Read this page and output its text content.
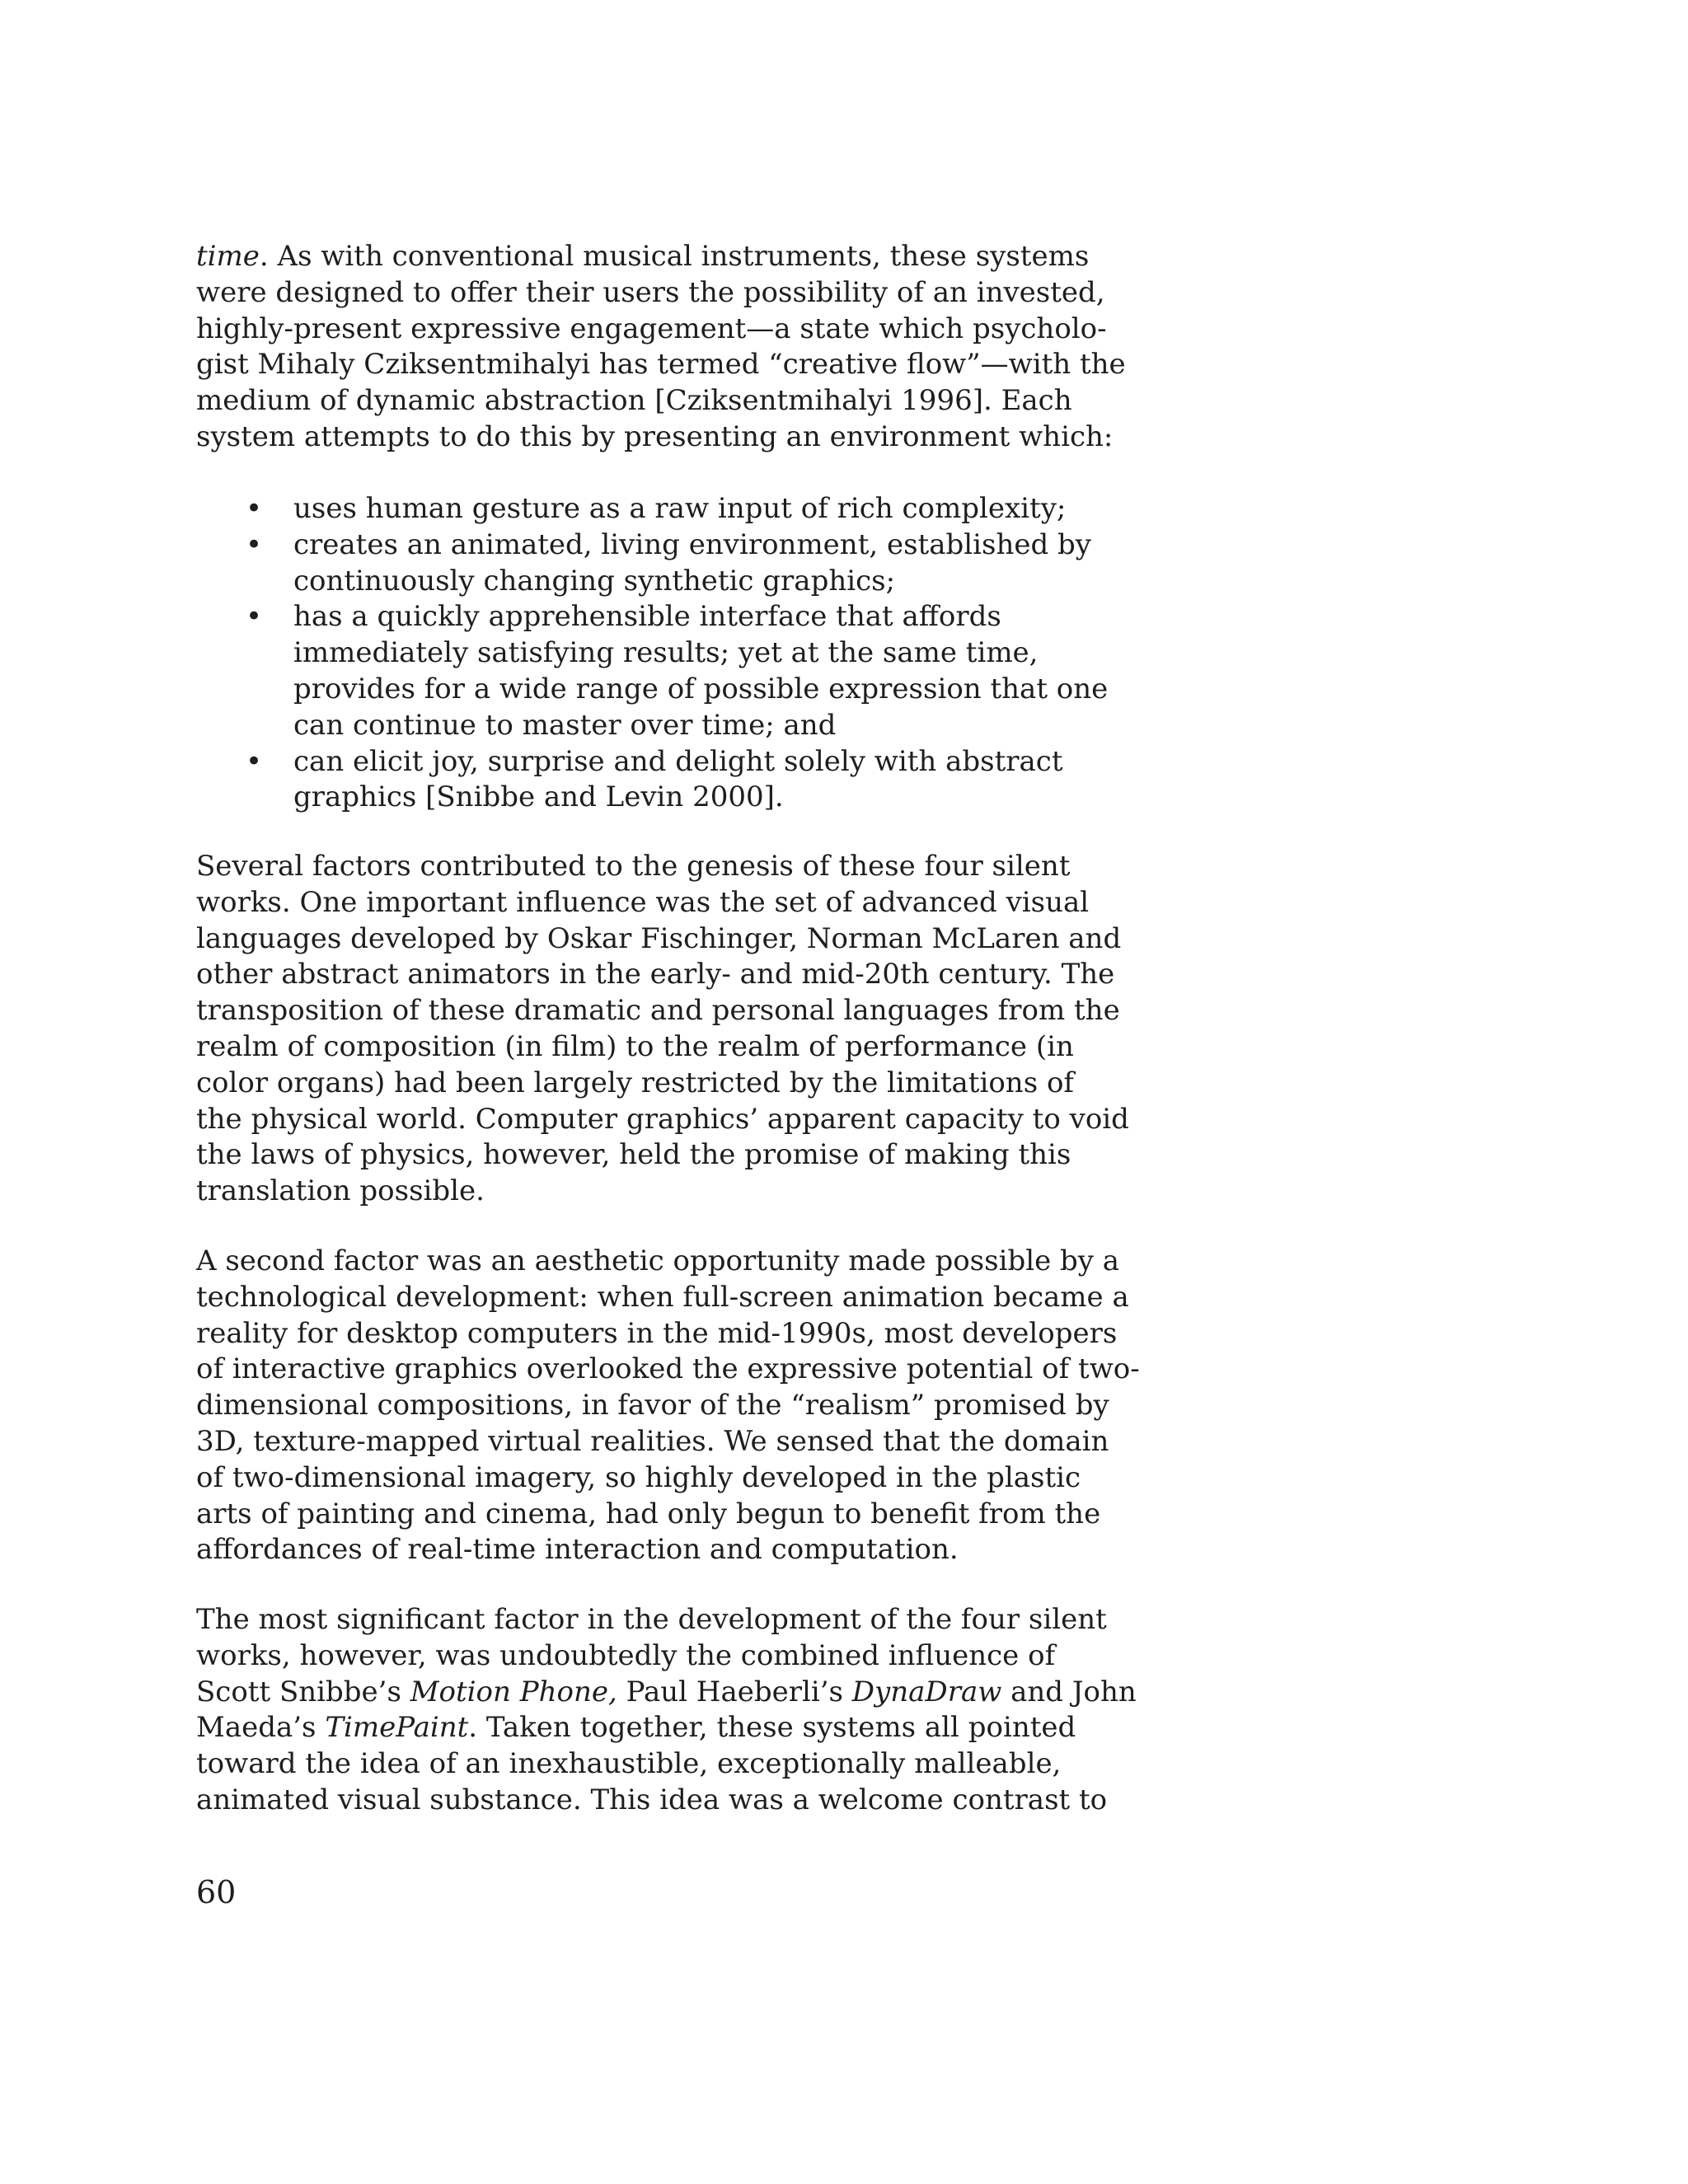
time. As with conventional musical instruments, these systems
were designed to offer their users the possibility of an invested,
highly-present expressive engagement—a state which psycholo-
gist Mihaly Cziksentmihalyi has termed “creative flow”—with the
medium of dynamic abstraction [Cziksentmihalyi 1996]. Each
system attempts to do this by presenting an environment which:
• uses human gesture as a raw input of rich complexity;
• creates an animated, living environment, established by
continuously changing synthetic graphics;
• has a quickly apprehensible interface that affords
immediately satisfying results; yet at the same time,
provides for a wide range of possible expression that one
can continue to master over time; and
• can elicit joy, surprise and delight solely with abstract
graphics [Snibbe and Levin 2000].
Several factors contributed to the genesis of these four silent
works. One important influence was the set of advanced visual
languages developed by Oskar Fischinger, Norman McLaren and
other abstract animators in the early- and mid-20th century. The
transposition of these dramatic and personal languages from the
realm of composition (in film) to the realm of performance (in
color organs) had been largely restricted by the limitations of
the physical world. Computer graphics’ apparent capacity to void
the laws of physics, however, held the promise of making this
translation possible.
A second factor was an aesthetic opportunity made possible by a
technological development: when full-screen animation became a
reality for desktop computers in the mid-1990s, most developers
of interactive graphics overlooked the expressive potential of two-
dimensional compositions, in favor of the “realism” promised by
3D, texture-mapped virtual realities. We sensed that the domain
of two-dimensional imagery, so highly developed in the plastic
arts of painting and cinema, had only begun to benefit from the
affordances of real-time interaction and computation.
The most significant factor in the development of the four silent
works, however, was undoubtedly the combined influence of
Scott Snibbe’s Motion Phone, Paul Haeberli’s DynaDraw and John
Maeda’s TimePaint. Taken together, these systems all pointed
toward the idea of an inexhaustible, exceptionally malleable,
animated visual substance. This idea was a welcome contrast to
60
